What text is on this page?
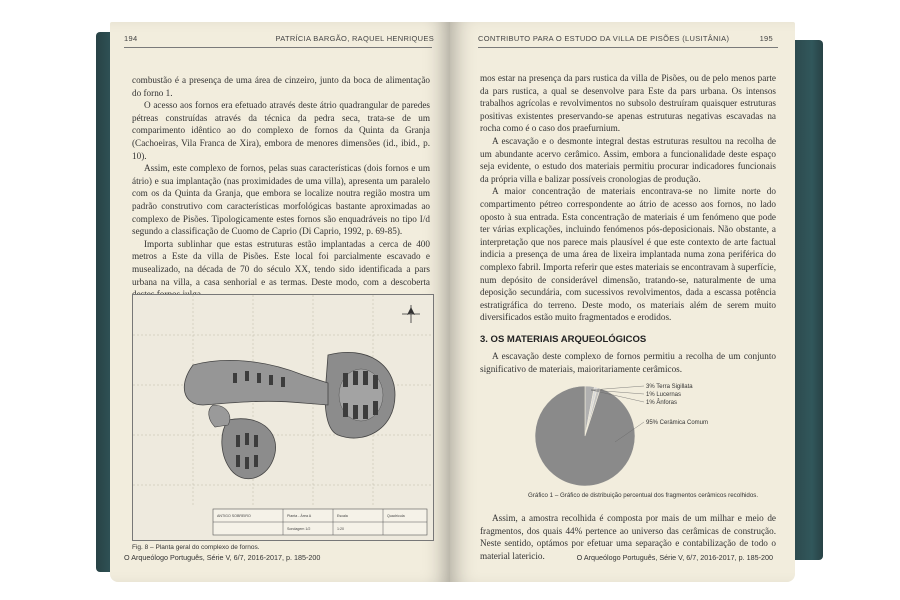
194	PATRÍCIA BARGÃO, RAQUEL HENRIQUES

combustão é a presença de uma área de cinzeiro, junto da boca de alimentação do forno 1.

O acesso aos fornos era efetuado através deste átrio quadrangular de paredes pétreas construídas através da técnica da pedra seca, trata-se de um comparimento idêntico ao do complexo de fornos da Quinta da Granja (Cachoeiras, Vila Franca de Xira), embora de menores dimensões (id., ibid., p. 10).

Assim, este complexo de fornos, pelas suas características (dois fornos e um átrio) e sua implantação (nas proximidades de uma villa), apresenta um paralelo com os da Quinta da Granja, que embora se localize noutra região mostra um padrão construtivo com características morfológicas bastante aproximadas ao complexo de Pisões. Tipologicamente estes fornos são enquadráveis no tipo I/d segundo a classificação de Cuomo de Caprio (Di Caprio, 1992, p. 69-85).

Importa sublinhar que estas estruturas estão implantadas a cerca de 400 metros a Este da villa de Pisões. Este local foi parcialmente escavado e musealizado, na década de 70 do século XX, tendo sido identificada a pars urbana na villa, a casa senhorial e as termas. Deste modo, com a descoberta

ANTIGO SOBREIRO	Planta - Área A
Sondagem 1/2
Escala
1:20
Quadrícula
Fig. 8 – Planta geral do complexo de fornos.
O Arqueólogo Português, Série V, 6/7, 2016-2017, p. 185-200
CONTRIBUTO PARA O ESTUDO DA VILLA DE PISÕES (LUSITÂNIA)	195

mos estar na presença da pars rustica da villa de Pisões, ou de pelo menos parte da pars rustica, a qual se desenvolve para Este da pars urbana. Os intensos trabalhos agrícolas e revolvimentos no subsolo destruíram quaisquer estruturas positivas existentes preservando-se apenas estruturas negativas escavadas na rocha como é o caso dos praefurnium.

A escavação e o desmonte integral destas estruturas resultou na recolha de um abundante acervo cerâmico. Assim, embora a funcionalidade deste espaço seja evidente, o estudo dos materiais permitiu procurar indicadores funcionais da própria villa e balizar possíveis cronologias de produção.

A maior concentração de materiais encontrava-se no limite norte do compartimento pétreo correspondente ao átrio de acesso aos fornos, no lado oposto à sua entrada. Esta concentração de materiais é um fenómeno que pode ter várias explicações, incluindo fenómenos pós-deposicionais. Não obstante, a interpretação que nos parece mais plausível é que este contexto de arte factual indicia a presença de uma área de lixeira implantada numa zona periférica do complexo fabril. Importa referir que estes materiais se encontravam à superfície, num depósito de considerável dimensão, tratando-se, naturalmente de uma deposição secundária, com sucessivos revolvimentos, dada a escassa potência estratigráfica do terreno. Deste modo, os materiais além de serem muito diversificados estão muito fragmentados e erodidos.

3. OS MATERIAIS ARQUEOLÓGICOS

A escavação deste complexo de fornos permitiu a recolha de um conjunto significativo de materiais, maioritariamente cerâmicos.

3% Terra Sigillata
1% Lucernas
1% Ânforas
95% Cerâmica Comum
Gráfico 1 – Gráfico de distribuição percentual dos fragmentos cerâmicos recolhidos.

Assim, a amostra recolhida é composta por mais de um milhar e meio de fragmentos, dos quais 44% pertence ao universo das cerâmicas de construção. Neste sentido, optámos por efetuar uma separação e contabilização de todo o material latericio.	O Arqueólogo Português, Série V, 6/7, 2016-2017, p. 185-200
